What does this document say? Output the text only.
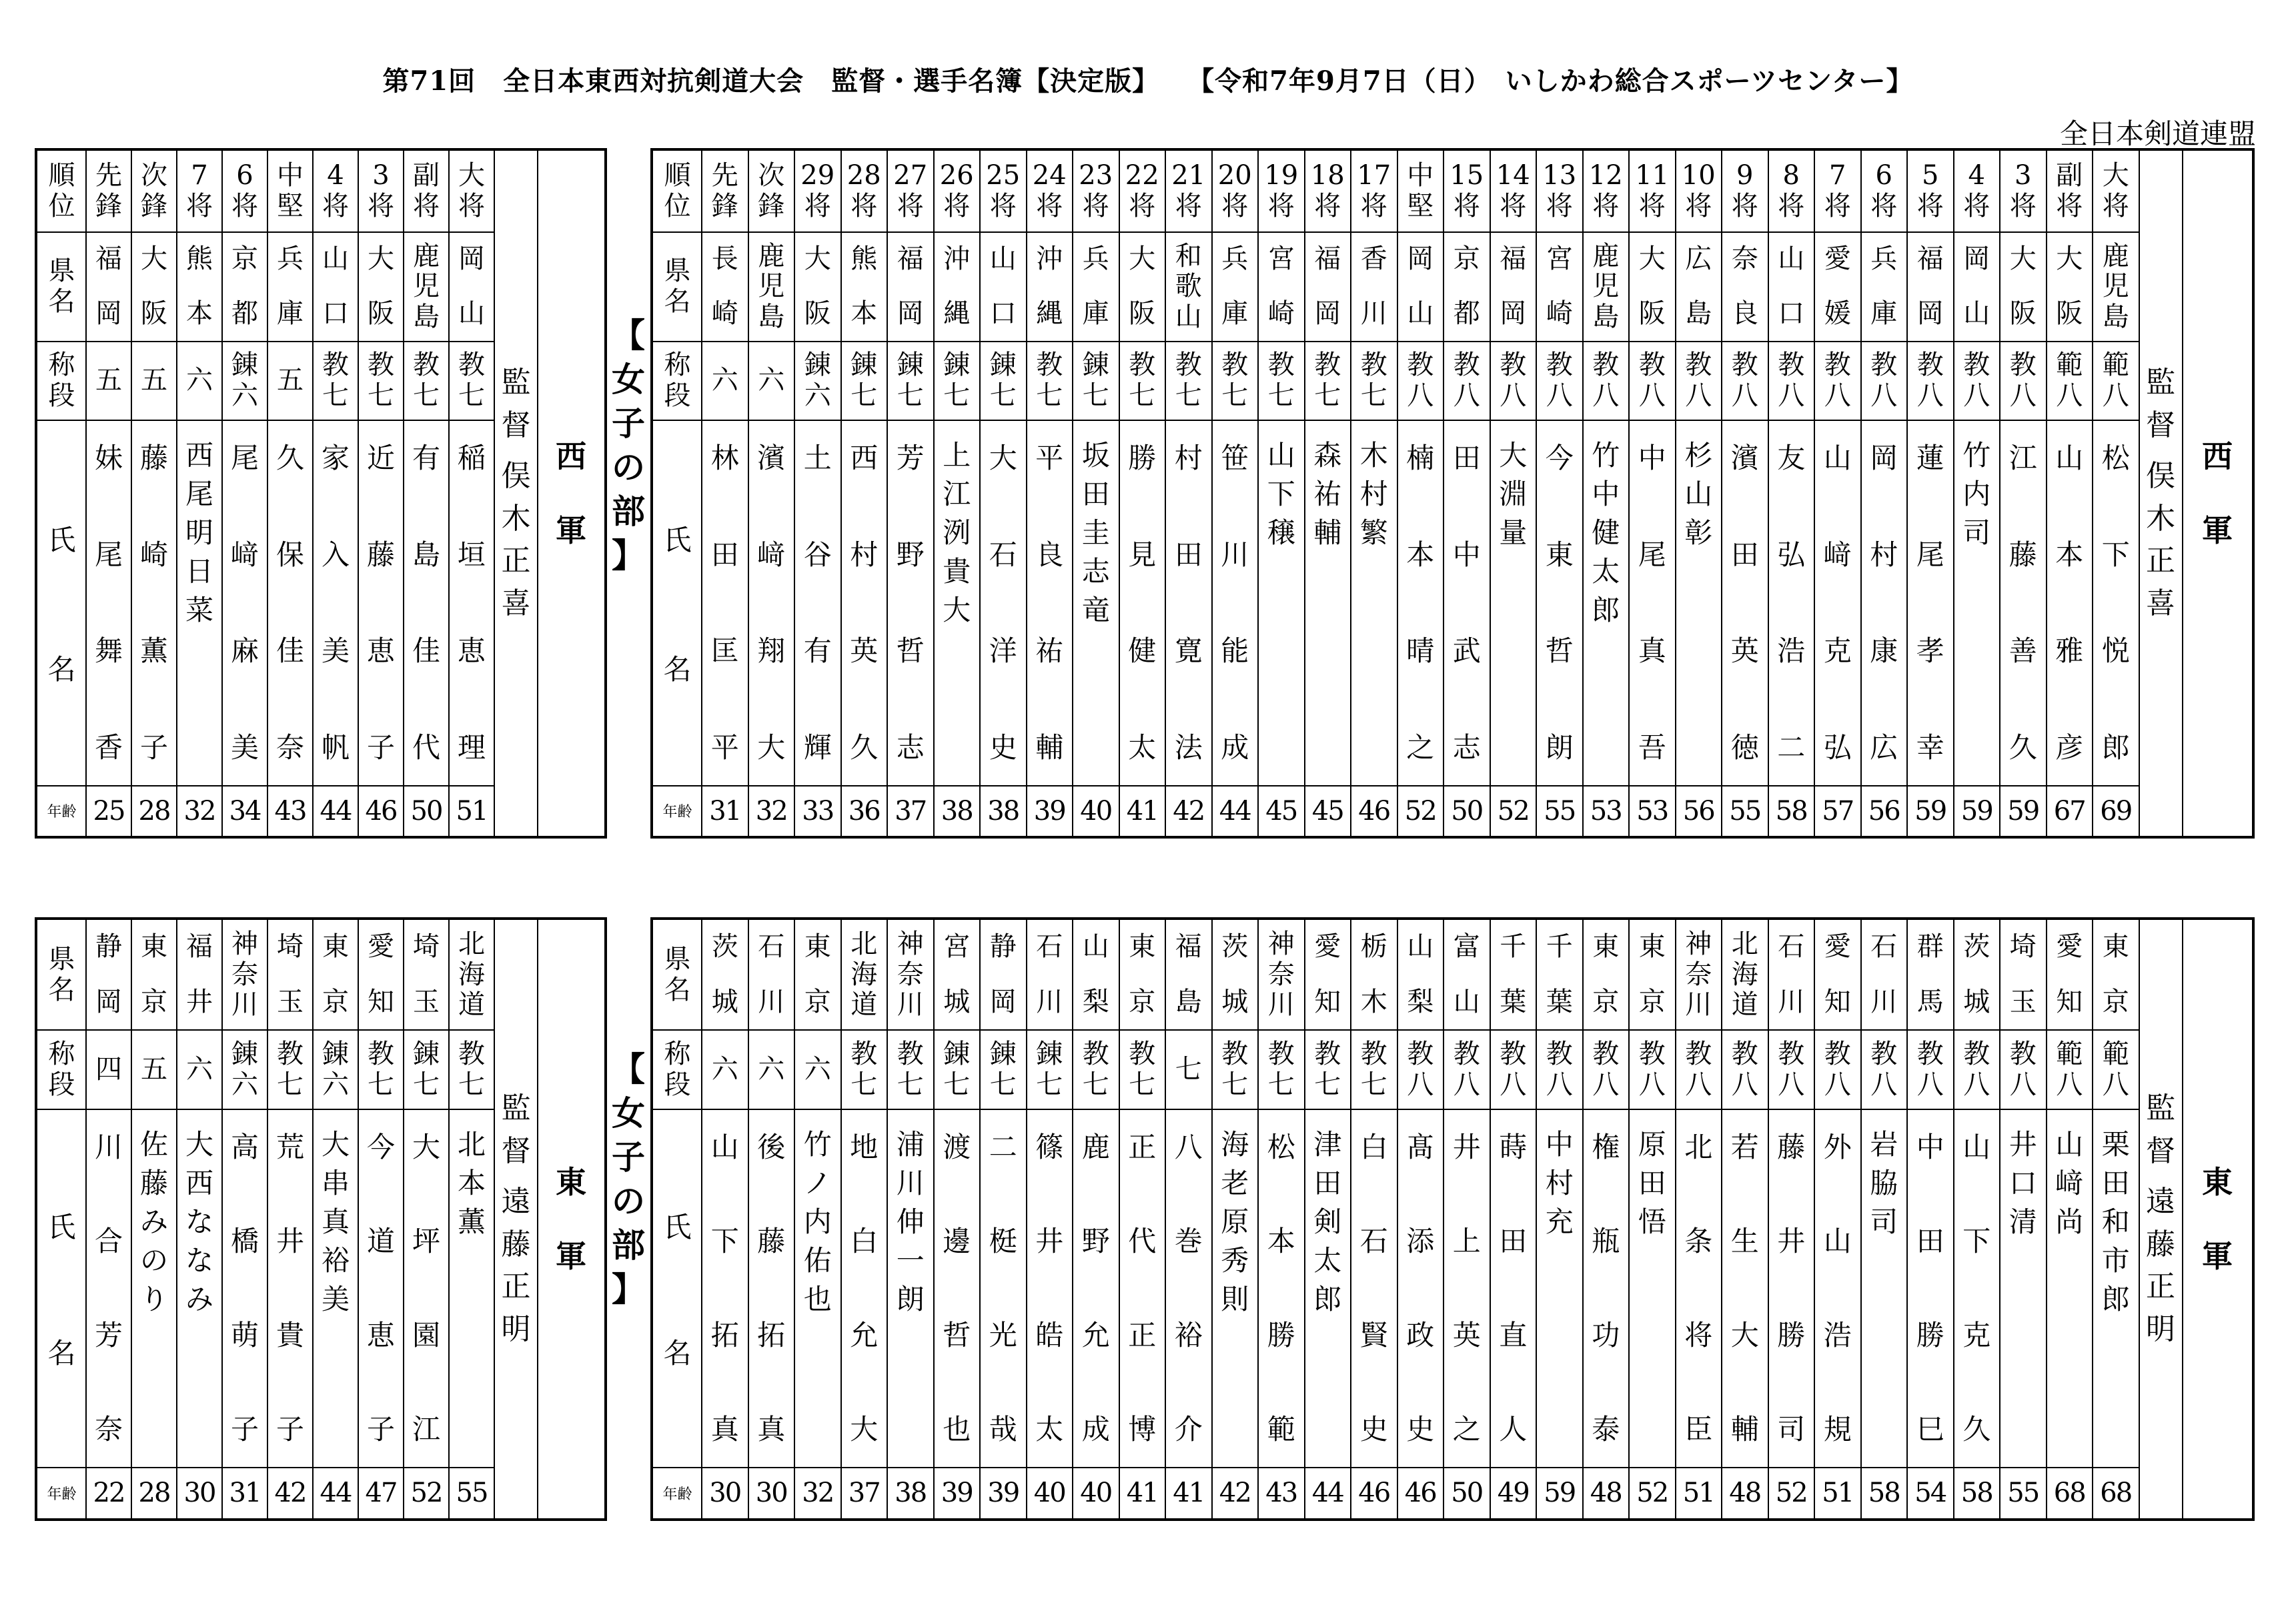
第71回　全日本東西対抗剣道大会　監督・選手名簿【決定版】　　【令和7年9月7日（日）　いしかわ総合スポーツセンター】
全日本剣道連盟
順
位
県
名
称
段
氏
名
年齢
先
鋒
福
岡
五
妹
尾
舞
香
25
次
鋒
大
阪
五
藤
崎
薫
子
28
7
将
熊
本
六
西
尾
明
日
菜
32
6
将
京
都
錬
六
尾
﨑
麻
美
34
中
堅
兵
庫
五
久
保
佳
奈
43
4
将
山
口
教
七
家
入
美
帆
44
3
将
大
阪
教
七
近
藤
恵
子
46
副
将
鹿
児
島
教
七
有
島
佳
代
50
大
将
岡
山
教
七
稲
垣
恵
理
51
監
督
俣
木
正
喜
西
軍
順
位
県
名
称
段
氏
名
年齢
先
鋒
長
崎
六
林
田
匡
平
31
次
鋒
鹿
児
島
六
濱
﨑
翔
大
32
29
将
大
阪
錬
六
土
谷
有
輝
33
28
将
熊
本
錬
七
西
村
英
久
36
27
将
福
岡
錬
七
芳
野
哲
志
37
26
将
沖
縄
錬
七
上
江
洌
貴
大
38
25
将
山
口
錬
七
大
石
洋
史
38
24
将
沖
縄
教
七
平
良
祐
輔
39
23
将
兵
庫
錬
七
坂
田
圭
志
竜
40
22
将
大
阪
教
七
勝
見
健
太
41
21
将
和
歌
山
教
七
村
田
寛
法
42
20
将
兵
庫
教
七
笹
川
能
成
44
19
将
宮
崎
教
七
山
下
穣
45
18
将
福
岡
教
七
森
祐
輔
45
17
将
香
川
教
七
木
村
繁
46
中
堅
岡
山
教
八
楠
本
晴
之
52
15
将
京
都
教
八
田
中
武
志
50
14
将
福
岡
教
八
大
淵
量
52
13
将
宮
崎
教
八
今
東
哲
朗
55
12
将
鹿
児
島
教
八
竹
中
健
太
郎
53
11
将
大
阪
教
八
中
尾
真
吾
53
10
将
広
島
教
八
杉
山
彰
56
9
将
奈
良
教
八
濱
田
英
徳
55
8
将
山
口
教
八
友
弘
浩
二
58
7
将
愛
媛
教
八
山
﨑
克
弘
57
6
将
兵
庫
教
八
岡
村
康
広
56
5
将
福
岡
教
八
蓮
尾
孝
幸
59
4
将
岡
山
教
八
竹
内
司
59
3
将
大
阪
教
八
江
藤
善
久
59
副
将
大
阪
範
八
山
本
雅
彦
67
大
将
鹿
児
島
範
八
松
下
悦
郎
69
監
督
俣
木
正
喜
西
軍
県
名
称
段
氏
名
年齢
静
岡
四
川
合
芳
奈
22
東
京
五
佐
藤
み
の
り
28
福
井
六
大
西
な
な
み
30
神
奈
川
錬
六
高
橋
萌
子
31
埼
玉
教
七
荒
井
貴
子
42
東
京
錬
六
大
串
真
裕
美
44
愛
知
教
七
今
道
恵
子
47
埼
玉
錬
七
大
坪
園
江
52
北
海
道
教
七
北
本
薫
55
監
督
遠
藤
正
明
東
軍
県
名
称
段
氏
名
年齢
茨
城
六
山
下
拓
真
30
石
川
六
後
藤
拓
真
30
東
京
六
竹
ノ
内
佑
也
32
北
海
道
教
七
地
白
允
大
37
神
奈
川
教
七
浦
川
伸
一
朗
38
宮
城
錬
七
渡
邊
哲
也
39
静
岡
錬
七
二
梃
光
哉
39
石
川
錬
七
篠
井
皓
太
40
山
梨
教
七
鹿
野
允
成
40
東
京
教
七
正
代
正
博
41
福
島
七
八
巻
裕
介
41
茨
城
教
七
海
老
原
秀
則
42
神
奈
川
教
七
松
本
勝
範
43
愛
知
教
七
津
田
剣
太
郎
44
栃
木
教
七
白
石
賢
史
46
山
梨
教
八
髙
添
政
史
46
富
山
教
八
井
上
英
之
50
千
葉
教
八
蒔
田
直
人
49
千
葉
教
八
中
村
充
59
東
京
教
八
権
瓶
功
泰
48
東
京
教
八
原
田
悟
52
神
奈
川
教
八
北
条
将
臣
51
北
海
道
教
八
若
生
大
輔
48
石
川
教
八
藤
井
勝
司
52
愛
知
教
八
外
山
浩
規
51
石
川
教
八
岩
脇
司
58
群
馬
教
八
中
田
勝
巳
54
茨
城
教
八
山
下
克
久
58
埼
玉
教
八
井
口
清
55
愛
知
範
八
山
﨑
尚
68
東
京
範
八
栗
田
和
市
郎
68
監
督
遠
藤
正
明
東
軍
【
女
子
の
部
】
【
女
子
の
部
】
